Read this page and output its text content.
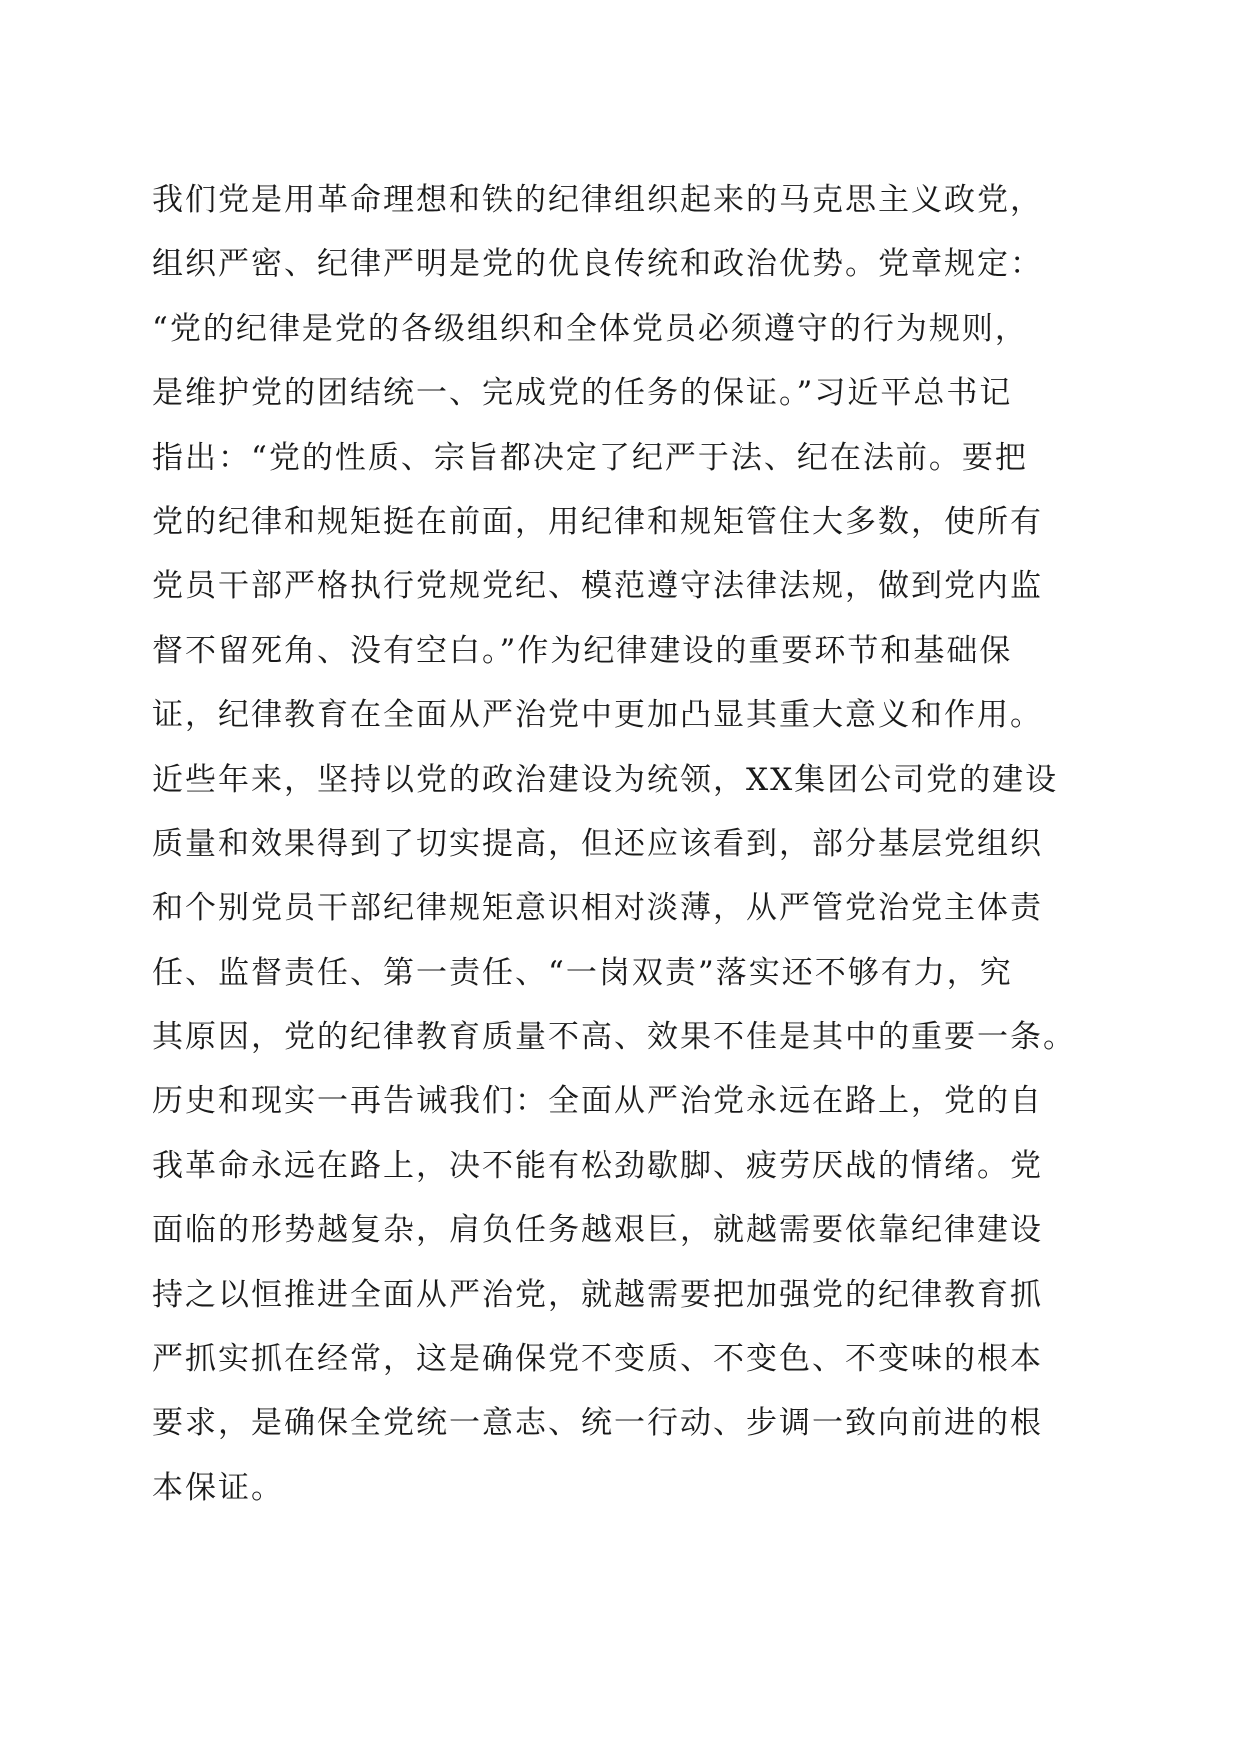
我们党是用革命理想和铁的纪律组织起来的马克思主义政党，
组织严密、纪律严明是党的优良传统和政治优势。党章规定：
“党的纪律是党的各级组织和全体党员必须遵守的行为规则，
是维护党的团结统一、完成党的任务的保证。”习近平总书记
指出：“党的性质、宗旨都决定了纪严于法、纪在法前。要把
党的纪律和规矩挺在前面，用纪律和规矩管住大多数，使所有
党员干部严格执行党规党纪、模范遵守法律法规，做到党内监
督不留死角、没有空白。”作为纪律建设的重要环节和基础保
证，纪律教育在全面从严治党中更加凸显其重大意义和作用。
近些年来，坚持以党的政治建设为统领，XX集团公司党的建设
质量和效果得到了切实提高，但还应该看到，部分基层党组织
和个别党员干部纪律规矩意识相对淡薄，从严管党治党主体责
任、监督责任、第一责任、“一岗双责”落实还不够有力，究
其原因，党的纪律教育质量不高、效果不佳是其中的重要一条。
历史和现实一再告诫我们：全面从严治党永远在路上，党的自
我革命永远在路上，决不能有松劲歇脚、疲劳厌战的情绪。党
面临的形势越复杂，肩负任务越艰巨，就越需要依靠纪律建设
持之以恒推进全面从严治党，就越需要把加强党的纪律教育抓
严抓实抓在经常，这是确保党不变质、不变色、不变味的根本
要求，是确保全党统一意志、统一行动、步调一致向前进的根
本保证。
